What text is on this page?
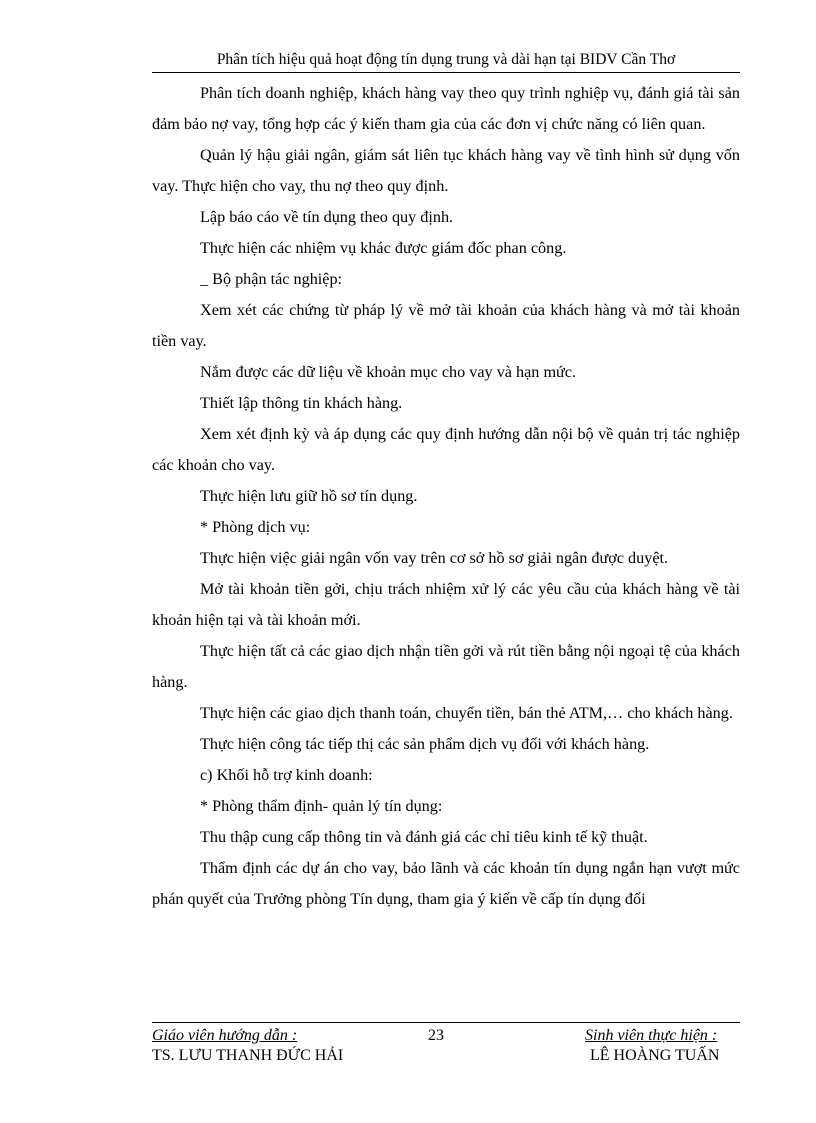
Phân tích hiệu quả hoạt động tín dụng trung và dài hạn tại BIDV Cần Thơ

Phân tích doanh nghiệp, khách hàng vay theo quy trình nghiệp vụ, đánh giá tài sản đảm bảo nợ vay, tổng hợp các ý kiến tham gia của các đơn vị chức năng có liên quan.

Quản lý hậu giải ngân, giám sát liên tục khách hàng vay về tình hình sử dụng vốn vay. Thực hiện cho vay, thu nợ theo quy định.

Lập báo cáo về tín dụng theo quy định.

Thực hiện các nhiệm vụ khác được giám đốc phan công.

_ Bộ phận tác nghiệp:

Xem xét các chứng từ pháp lý về mở tài khoản của khách hàng và mở tài khoản tiền vay.

Nắm được các dữ liệu về khoản mục cho vay và hạn mức.

Thiết lập thông tin khách hàng.

Xem xét định kỳ và áp dụng các quy định hướng dẫn nội bộ về quản trị tác nghiệp các khoản cho vay.

Thực hiện lưu giữ hồ sơ tín dụng.

* Phòng dịch vụ:

Thực hiện việc giải ngân vốn vay trên cơ sở hồ sơ giải ngân được duyệt.

Mở tài khoản tiền gởi, chịu trách nhiệm xử lý các yêu cầu của khách hàng về tài khoản hiện tại và tài khoản mới.

Thực hiện tất cả các giao dịch nhận tiền gởi và rút tiền bằng nội ngoại tệ của khách hàng.

Thực hiện các giao dịch thanh toán, chuyển tiền, bán thẻ ATM,… cho khách hàng.

Thực hiện công tác tiếp thị các sản phẩm dịch vụ đối với khách hàng.

c) Khối hỗ trợ kinh doanh:

* Phòng thẩm định- quản lý tín dụng:

Thu thập cung cấp thông tin và đánh giá các chỉ tiêu kinh tế kỹ thuật.

Thẩm định các dự án cho vay, bảo lãnh và các khoản tín dụng ngắn hạn vượt mức phán quyết của Trưởng phòng Tín dụng, tham gia ý kiến về cấp tín dụng đối

Giáo viên hướng dẫn :	23	Sinh viên thực hiện :
TS. LƯU THANH ĐỨC HẢI	LÊ HOÀNG TUẤN
